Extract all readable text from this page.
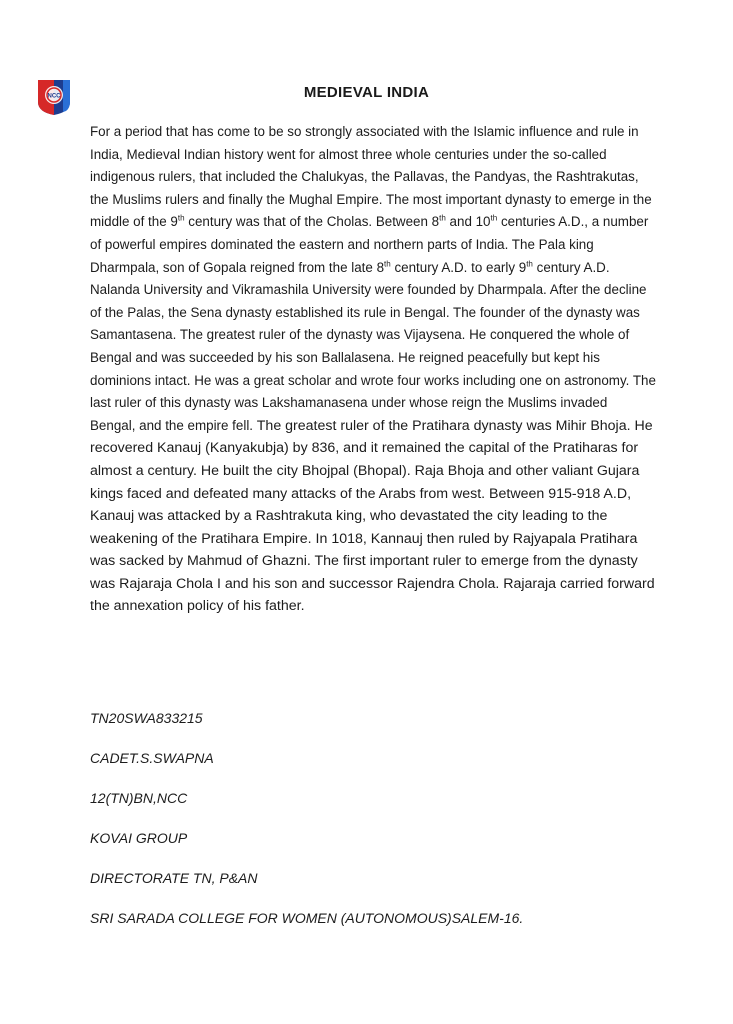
NCC	MEDIEVAL INDIA
For a period that has come to be so strongly associated with the Islamic influence and rule in India, Medieval Indian history went for almost three whole centuries under the so-called indigenous rulers, that included the Chalukyas, the Pallavas, the Pandyas, the Rashtrakutas, the Muslims rulers and finally the Mughal Empire. The most important dynasty to emerge in the middle of the 9th century was that of the Cholas. Between 8th and 10th centuries A.D., a number of powerful empires dominated the eastern and northern parts of India. The Pala king Dharmpala, son of Gopala reigned from the late 8th century A.D. to early 9th century A.D. Nalanda University and Vikramashila University were founded by Dharmpala. After the decline of the Palas, the Sena dynasty established its rule in Bengal. The founder of the dynasty was Samantasena. The greatest ruler of the dynasty was Vijaysena. He conquered the whole of Bengal and was succeeded by his son Ballalasena. He reigned peacefully but kept his dominions intact. He was a great scholar and wrote four works including one on astronomy. The last ruler of this dynasty was Lakshamanasena under whose reign the Muslims invaded Bengal, and the empire fell. The greatest ruler of the Pratihara dynasty was Mihir Bhoja. He recovered Kanauj (Kanyakubja) by 836, and it remained the capital of the Pratiharas for almost a century. He built the city Bhojpal (Bhopal). Raja Bhoja and other valiant Gujara kings faced and defeated many attacks of the Arabs from west. Between 915-918 A.D, Kanauj was attacked by a Rashtrakuta king, who devastated the city leading to the weakening of the Pratihara Empire. In 1018, Kannauj then ruled by Rajyapala Pratihara was sacked by Mahmud of Ghazni. The first important ruler to emerge from the dynasty was Rajaraja Chola I and his son and successor Rajendra Chola. Rajaraja carried forward the annexation policy of his father.
TN20SWA833215
CADET.S.SWAPNA
12(TN)BN,NCC
KOVAI GROUP
DIRECTORATE TN, P&AN
SRI SARADA COLLEGE FOR WOMEN (AUTONOMOUS)SALEM-16.
